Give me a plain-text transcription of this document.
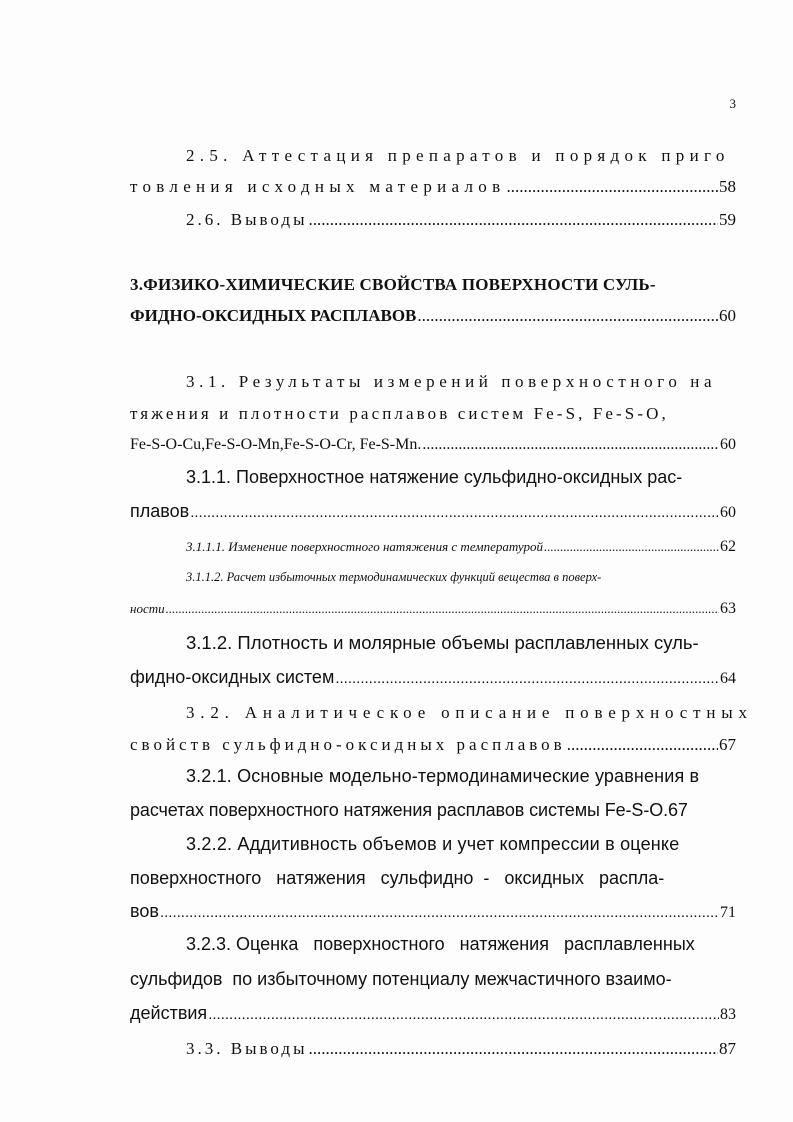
3
2.5. Аттестация препаратов и порядок приго
товления исходных материалов .....	58
2.6. Выводы .....	59
3.ФИЗИКО-ХИМИЧЕСКИЕ СВОЙСТВА ПОВЕРХНОСТИ СУЛЬ-
ФИДНО-ОКСИДНЫХ РАСПЛАВОВ .....	60
3.1. Результаты измерений поверхностного на
тяжения и плотности расплавов систем Fe-S, Fe-S-O,
Fe-S-O-Cu,Fe-S-O-Mn,Fe-S-O-Cr, Fe-S-Mn. .....	60
3.1.1. Поверхностное натяжение сульфидно-оксидных рас-
плавов .....	60
3.1.1.1. Изменение поверхностного натяжения с температурой .....	62
3.1.1.2. Расчет избыточных термодинамических функций вещества в поверх-
ности .....	63
3.1.2. Плотность и молярные объемы расплавленных суль-
фидно-оксидных систем .....	64
3.2. Аналитическое описание поверхностных
свойств сульфидно-оксидных расплавов .....	67
3.2.1. Основные модельно-термодинамические уравнения в
расчетах поверхностного натяжения расплавов системы Fe-S-O.67
3.2.2. Аддитивность объемов и учет компрессии в оценке
поверхностного   натяжения   сульфидно  -   оксидных   распла-
вов .....	71
3.2.3. Оценка   поверхностного   натяжения   расплавленных
сульфидов  по избыточному потенциалу межчастичного взаимо-
действия .....	83
3.3. Выводы .....	87
